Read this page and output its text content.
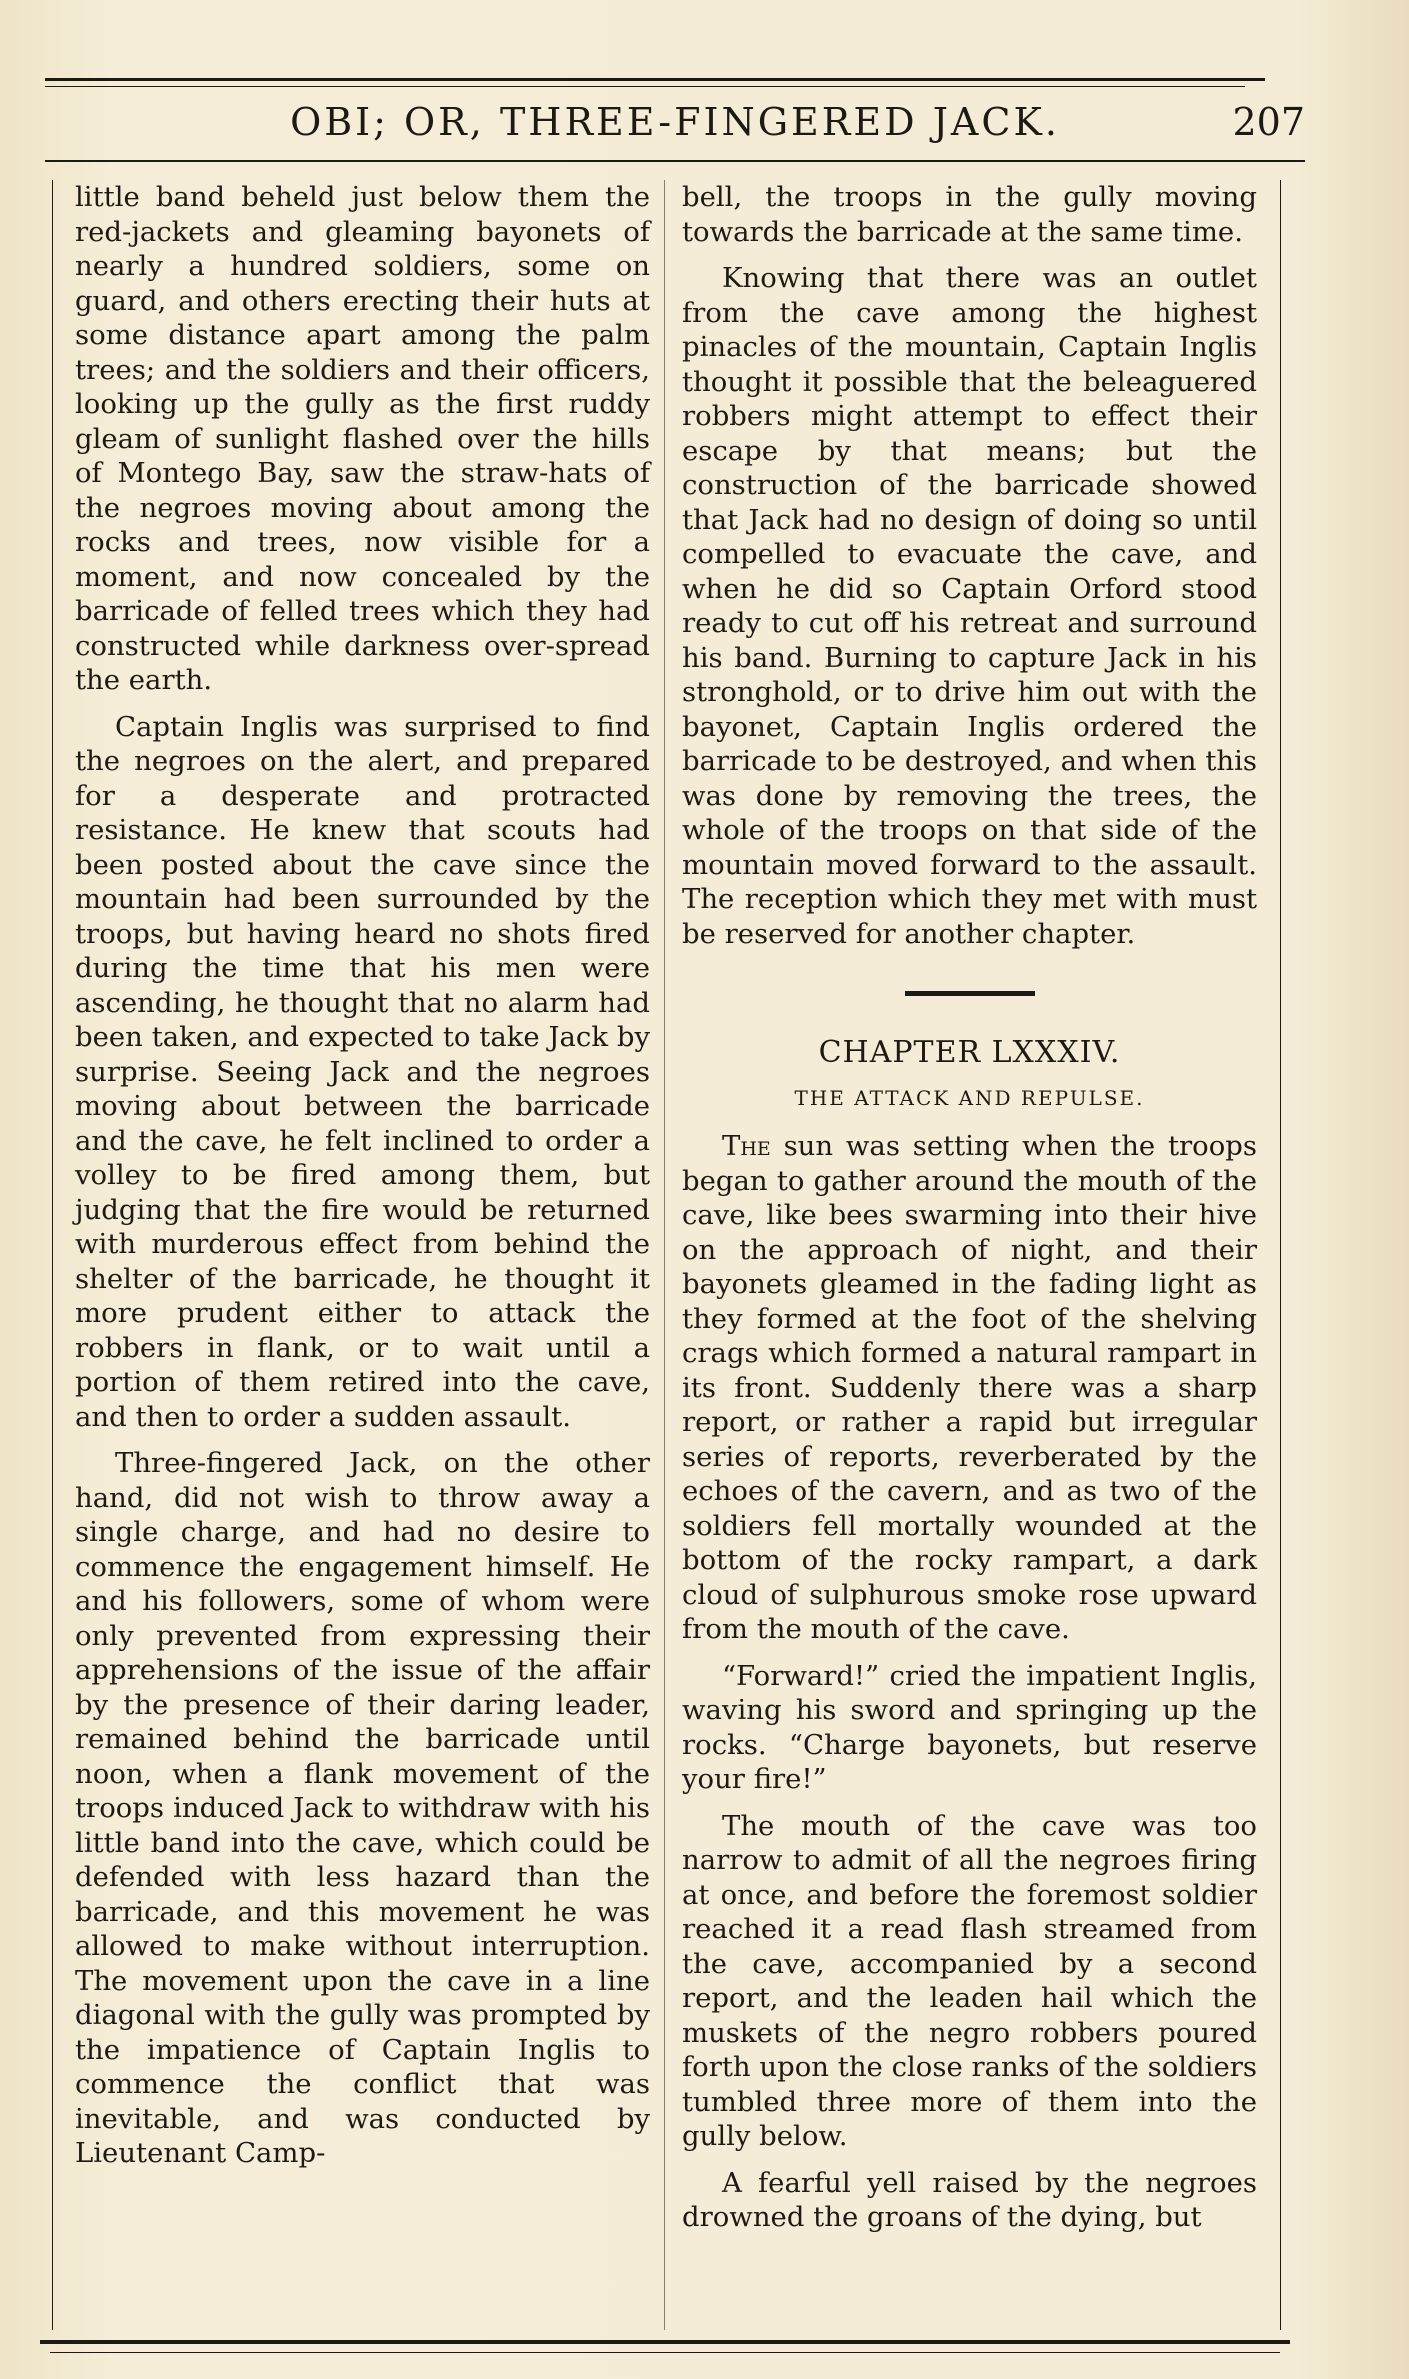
OBI; OR, THREE-FINGERED JACK.	207

little band beheld just below them the red-jackets and gleaming bayonets of nearly a hundred soldiers, some on guard, and others erecting their huts at some distance apart among the palm trees; and the soldiers and their officers, looking up the gully as the first ruddy gleam of sunlight flashed over the hills of Montego Bay, saw the straw-hats of the negroes moving about among the rocks and trees, now visible for a moment, and now concealed by the barricade of felled trees which they had constructed while darkness over-spread the earth.

Captain Inglis was surprised to find the negroes on the alert, and prepared for a desperate and protracted resistance. He knew that scouts had been posted about the cave since the mountain had been surrounded by the troops, but having heard no shots fired during the time that his men were ascending, he thought that no alarm had been taken, and expected to take Jack by surprise. Seeing Jack and the negroes moving about between the barricade and the cave, he felt inclined to order a volley to be fired among them, but judging that the fire would be returned with murderous effect from behind the shelter of the barricade, he thought it more prudent either to attack the robbers in flank, or to wait until a portion of them retired into the cave, and then to order a sudden assault.

Three-fingered Jack, on the other hand, did not wish to throw away a single charge, and had no desire to commence the engagement himself. He and his followers, some of whom were only prevented from expressing their apprehensions of the issue of the affair by the presence of their daring leader, remained behind the barricade until noon, when a flank movement of the troops induced Jack to withdraw with his little band into the cave, which could be defended with less hazard than the barricade, and this movement he was allowed to make without interruption. The movement upon the cave in a line diagonal with the gully was prompted by the impatience of Captain Inglis to commence the conflict that was inevitable, and was conducted by Lieutenant Camp-

bell, the troops in the gully moving towards the barricade at the same time.

Knowing that there was an outlet from the cave among the highest pinacles of the mountain, Captain Inglis thought it possible that the beleaguered robbers might attempt to effect their escape by that means; but the construction of the barricade showed that Jack had no design of doing so until compelled to evacuate the cave, and when he did so Captain Orford stood ready to cut off his retreat and surround his band. Burning to capture Jack in his stronghold, or to drive him out with the bayonet, Captain Inglis ordered the barricade to be destroyed, and when this was done by removing the trees, the whole of the troops on that side of the mountain moved forward to the assault. The reception which they met with must be reserved for another chapter.

CHAPTER LXXXIV.
THE ATTACK AND REPULSE.

The sun was setting when the troops began to gather around the mouth of the cave, like bees swarming into their hive on the approach of night, and their bayonets gleamed in the fading light as they formed at the foot of the shelving crags which formed a natural rampart in its front. Suddenly there was a sharp report, or rather a rapid but irregular series of reports, reverberated by the echoes of the cavern, and as two of the soldiers fell mortally wounded at the bottom of the rocky rampart, a dark cloud of sulphurous smoke rose upward from the mouth of the cave.

“Forward!” cried the impatient Inglis, waving his sword and springing up the rocks. “Charge bayonets, but reserve your fire!”

The mouth of the cave was too narrow to admit of all the negroes firing at once, and before the foremost soldier reached it a read flash streamed from the cave, accompanied by a second report, and the leaden hail which the muskets of the negro robbers poured forth upon the close ranks of the soldiers tumbled three more of them into the gully below.

A fearful yell raised by the negroes drowned the groans of the dying, but
